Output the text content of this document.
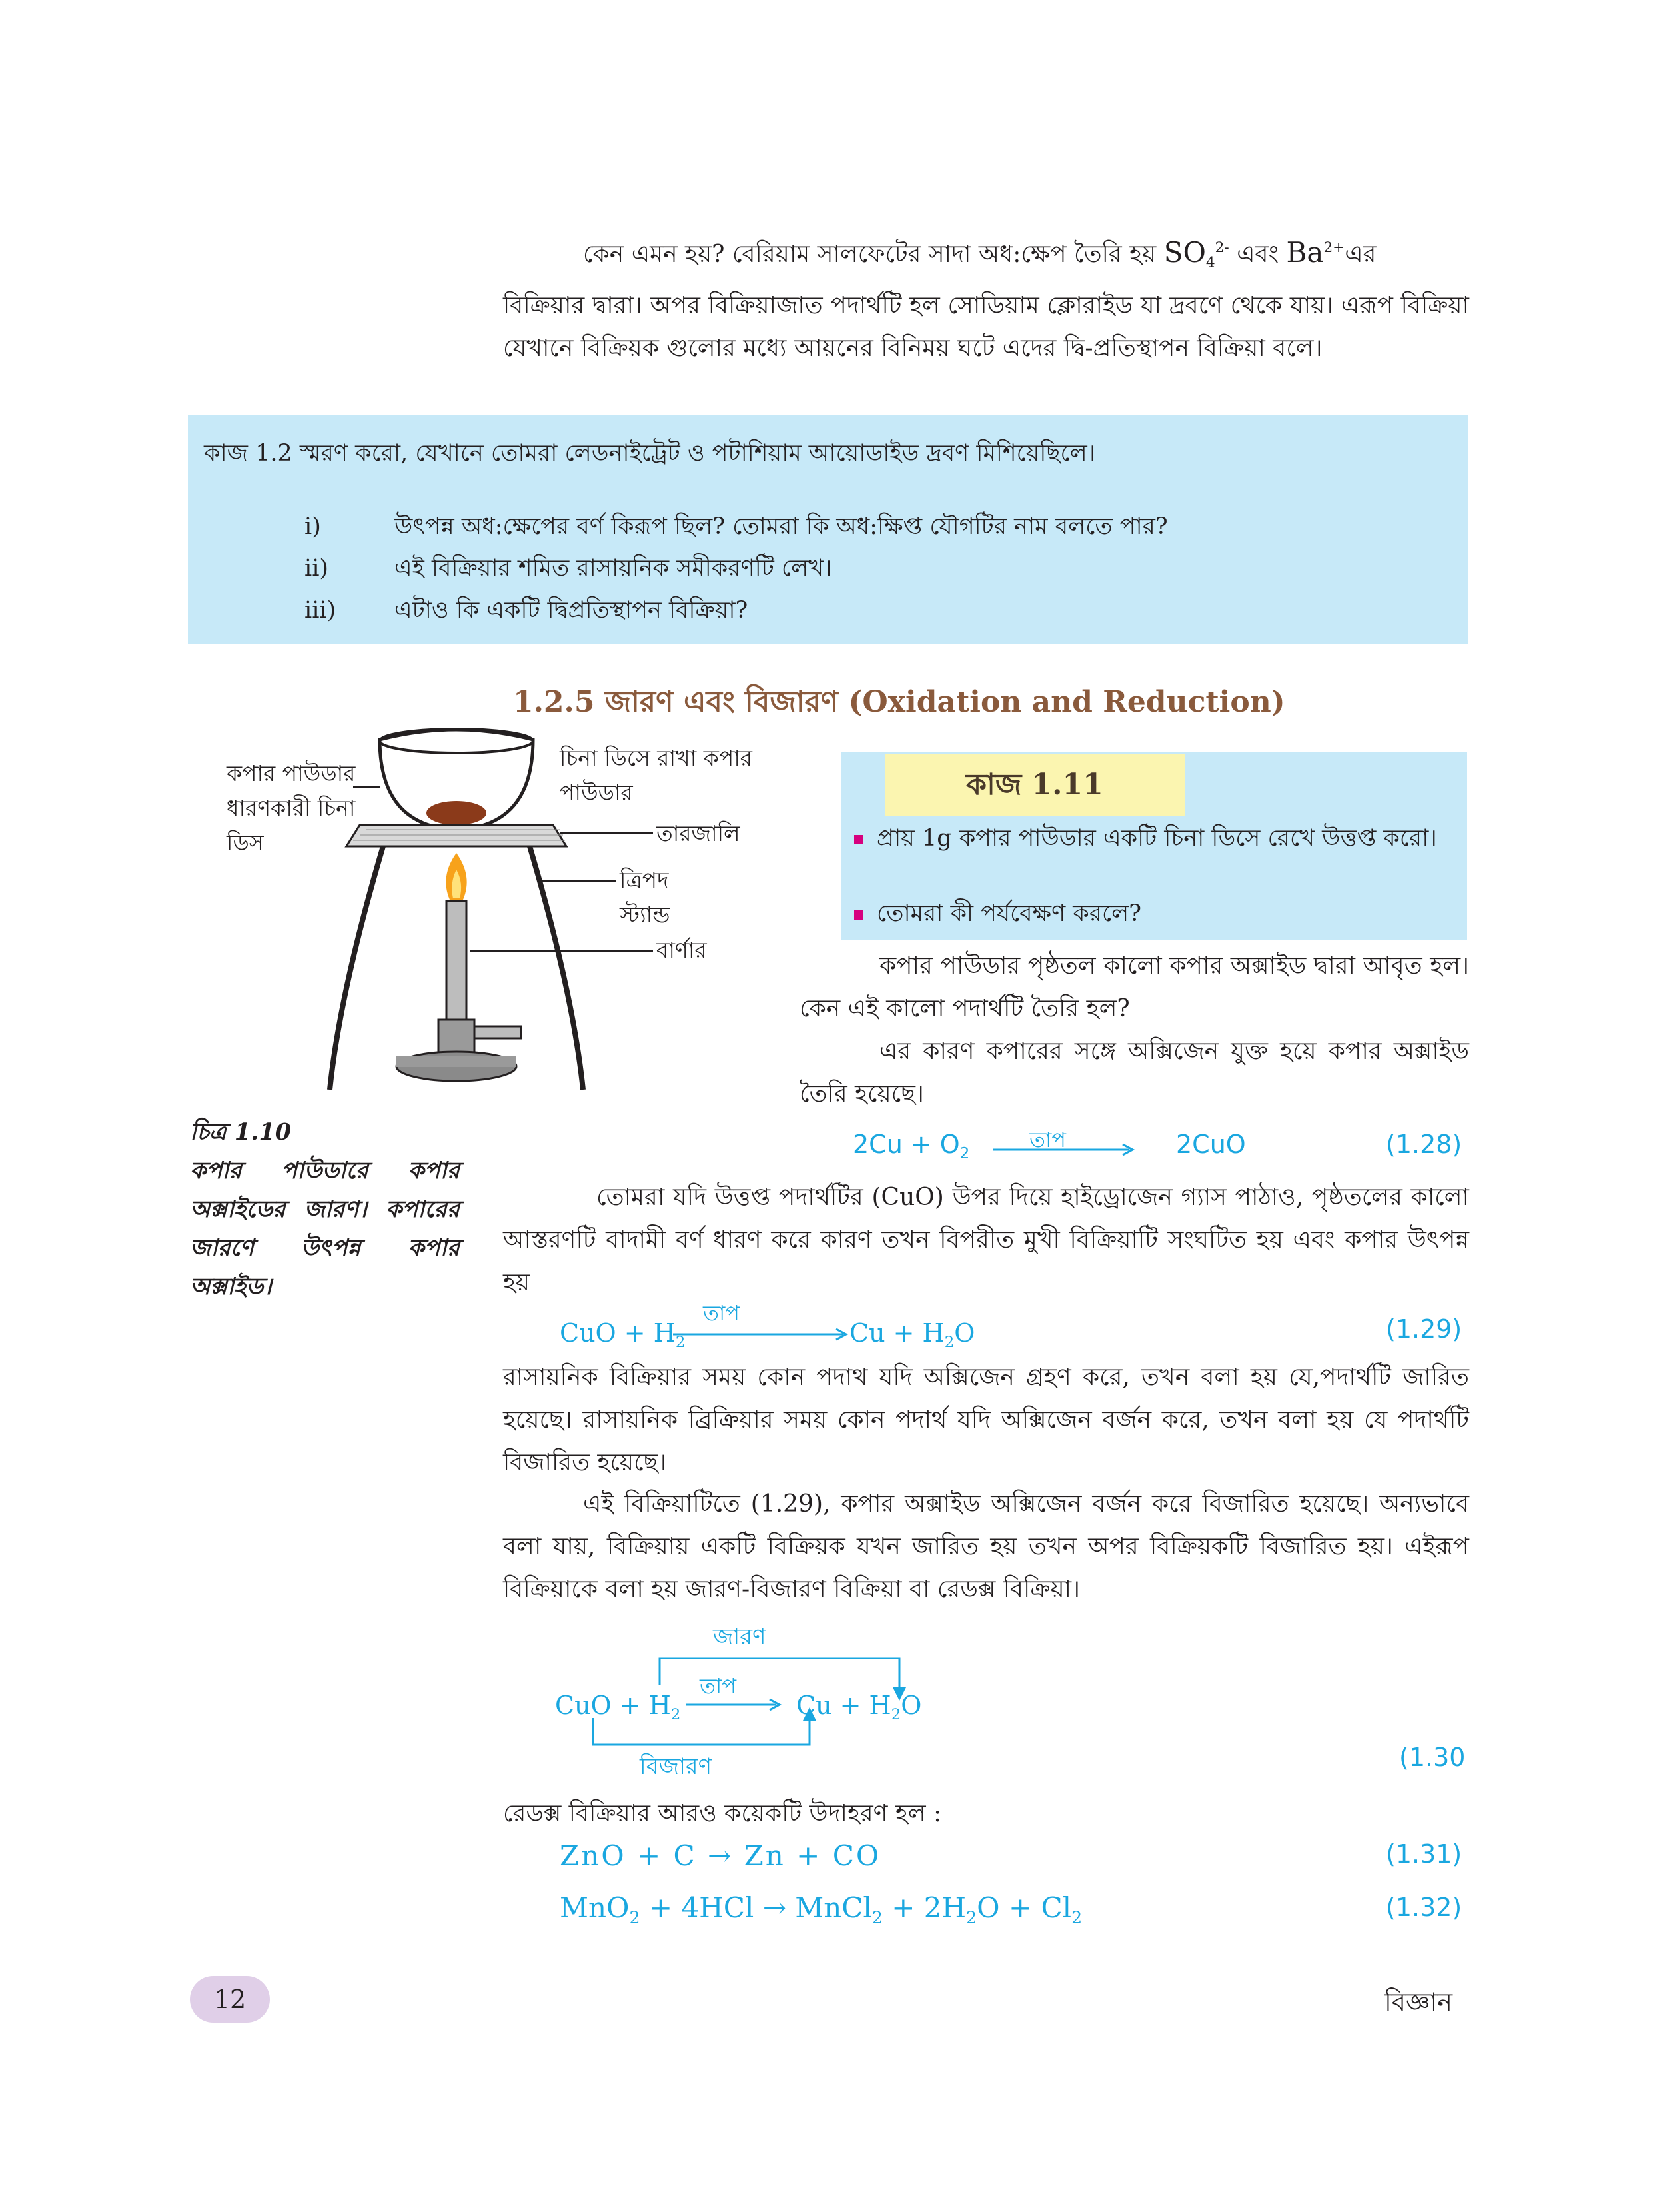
কেন এমন হয়? বেরিয়াম সালফেটের সাদা অধ:ক্ষেপ তৈরি হয় $SO_4^{2-}$ এবং $Ba^{2+}এর$

বিক্রিয়ার দ্বারা। অপর বিক্রিয়াজাত পদার্থটি হল সোডিয়াম ক্লোরাইড যা দ্রবণে থেকে যায়। এরূপ বিক্রিয়া যেখানে বিক্রিয়ক গুলোর মধ্যে আয়নের বিনিময় ঘটে এদের দ্বি-প্রতিস্থাপন বিক্রিয়া বলে।

কাজ 1.2 স্মরণ করো, যেখানে তোমরা লেডনাইট্রেট ও পটাশিয়াম আয়োডাইড দ্রবণ মিশিয়েছিলে।
i)	উৎপন্ন অধ:ক্ষেপের বর্ণ কিরূপ ছিল? তোমরা কি অধ:ক্ষিপ্ত যৌগটির নাম বলতে পার?
ii)	এই বিক্রিয়ার শমিত রাসায়নিক সমীকরণটি লেখ।
iii)	এটাও কি একটি দ্বিপ্রতিস্থাপন বিক্রিয়া?
1.2.5 জারণ এবং বিজারণ (Oxidation and Reduction)
কপার পাউডার
ধারণকারী চিনা
ডিস
চিনা ডিসে রাখা কপার
পাউডার
তারজালি
ত্রিপদ
স্ট্যান্ড
বার্ণার
চিত্র 1.10
কপার পাউডারে কপার অক্সাইডের জারণ। কপারের জারণে উৎপন্ন কপার অক্সাইড।
কাজ 1.11
প্রায় 1g কপার পাউডার একটি চিনা ডিসে রেখে উত্তপ্ত করো।
তোমরা কী পর্যবেক্ষণ করলে?

কপার পাউডার পৃষ্ঠতল কালো কপার অক্সাইড দ্বারা আবৃত হল। কেন এই কালো পদার্থটি তৈরি হল?

এর কারণ কপারের সঙ্গে অক্সিজেন যুক্ত হয়ে কপার অক্সাইড তৈরি হয়েছে।

$2Cu + O_2$
তাপ	2CuO	(1.28)
তোমরা যদি উত্তপ্ত পদার্থটির (CuO) উপর দিয়ে হাইড্রোজেন গ্যাস পাঠাও, পৃষ্ঠতলের কালো আস্তরণটি বাদামী বর্ণ ধারণ করে কারণ তখন বিপরীত মুখী বিক্রিয়াটি সংঘটিত হয় এবং কপার উৎপন্ন হয়
CuO + $H_2$
তাপ
$Cu + H_2O$	(1.29)
রাসায়নিক বিক্রিয়ার সময় কোন পদাথ যদি অক্সিজেন গ্রহণ করে, তখন বলা হয় যে,পদার্থটি জারিত হয়েছে। রাসায়নিক ব্রিক্রিয়ার সময় কোন পদার্থ যদি অক্সিজেন বর্জন করে, তখন বলা হয় যে পদার্থটি বিজারিত হয়েছে।
এই বিক্রিয়াটিতে (1.29), কপার অক্সাইড অক্সিজেন বর্জন করে বিজারিত হয়েছে। অন্যভাবে বলা যায়, বিক্রিয়ায় একটি বিক্রিয়ক যখন জারিত হয় তখন অপর বিক্রিয়কটি বিজারিত হয়। এইরূপ বিক্রিয়াকে বলা হয় জারণ-বিজারণ বিক্রিয়া বা রেডক্স বিক্রিয়া।
জারণ
তাপ
CuO + $H_2$	$Cu + H_2O$
বিজারণ	(1.30
রেডক্স বিক্রিয়ার আরও কয়েকটি উদাহরণ হল :
ZnO + C → Zn + CO	(1.31)
MnO$_2$ + 4HCl → MnCl$_2$ + $2H_2O + Cl_2$	(1.32)
12	বিজ্ঞান
